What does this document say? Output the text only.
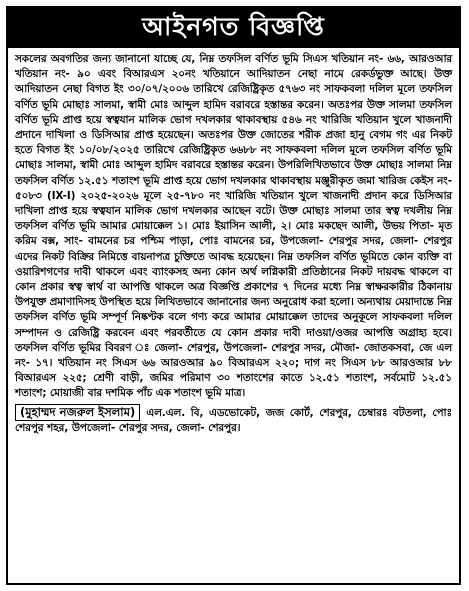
আইনগত বিজ্ঞপ্তি
সকলের অবগতির জন্য জানানো যাচ্ছে যে, নিম্ন তফসিল বর্ণিত ভূমি সিএস খতিয়ান নং- ৬৬, আরওআর খতিয়ান নং- ৯০ এবং বিআরএস ২০নং খতিয়ানে আদিয়াতন নেছা নামে রেকর্ডভুক্ত আছে। উক্ত আদিয়াতন নেছা বিগত ইং ৩০/০৭/২০০৬ তারিখে রেজিষ্ট্রিকৃত ৫৭৬৩ নং সাফকবলা দলিল মূলে তফসিল বর্ণিত ভূমি মোছাঃ সালমা, স্বামী মোঃ আব্দুল হামিদ বরাবরে হস্তান্তর করেন। অতঃপর উক্ত সালমা তফসিল বর্ণিত ভূমি প্রাপ্ত হয়ে স্বত্বযান মালিক ভোগ দখলকার থাকাবস্থায় ৫৪৬ নং খারিজি খতিয়ান খুলে খাজনাদী প্রদানে দাখিলা ও ডিসিআর প্রাপ্ত হয়েছেন। অতঃপর উক্ত জোতের শরীক প্রজা হানু বেগম গং এর নিকট হতে বিগত ইং ১০/০৮/২০২৫ তারিখে রেজিষ্ট্রিকৃত ৬৬৮৮ নং সাফকবলা দলিল মূলে তফসিল বর্ণিত ভূমি মোছাঃ সালমা, স্বামী মোঃ আব্দুল হামিদ বরাবরে হস্তান্তর করেন। উপরিলিখিতভাবে উক্ত মোছাঃ সালমা নিম্ন তফসিল বর্ণিত ১২.৫১ শতাংশ ভূমি প্রাপ্ত হয়ে ভোগ দখলকার থাকাবস্থায় মঞ্জুরীকৃত জমা খারিজ কেইস নং- ৫০৮৩ (IX-I) ২০২৫-২০২৬ মূলে ২৫-৭৮০ নং খারিজি খতিয়ান খুলে খাজনাদী প্রদান করে ডিসিআর দাখিলা প্রাপ্ত হয়ে স্বত্বযান মালিক ভোগ দখলকার আছেন বটে। উক্ত মোছাঃ সালমা তার স্বত্ব দখলীয় নিম্ন তফসিল বর্ণিত ভূমি আমার মোয়াক্কেল ১। মোঃ ইয়াসিন আলী, ২। মোঃ মকছেদ আলী, উভয় পিতা- মৃত করিম বক্স, সাং- বামনের চর পশ্চিম পাড়া, পোঃ বামনের চর, উপজেলা- শেরপুর সদর, জেলা- শেরপুর এদের নিকট বিক্রির নিমিত্তে বায়নাপত্র চুক্তিতে আবদ্ধ হয়েছেন। নিম্ন তফসিল বর্ণিত ভূমিতে কোন ব্যক্তি বা ওয়ারিশগণের দাবী থাকলে এবং ব্যাংকসহ অন্য কোন অর্থ লগ্নিকারী প্রতিষ্ঠানের নিকট দায়বদ্ধ থাকলে বা কোন প্রকার স্বত্ব স্বার্থ বা আপত্তি থাকলে অত্র বিজ্ঞপ্তি প্রকাশের ৭ দিনের মধ্যে নিম্ন স্বাক্ষরকারীর ঠিকানায় উপযুক্ত প্রমাণাদিসহ উপস্থিত হয়ে লিখিতভাবে জানানোর জন্য অনুরোধ করা হলো। অন্যথায় মেয়াদান্তে নিম্ন তফসিল বর্ণিত ভূমি সম্পূর্ণ নিষ্কণ্টক বলে গণ্য করে আমার মোয়াক্কেল তাদের অনুকূলে সাফকবলা দলিল সম্পাদন ও রেজিষ্ট্রি করবেন এবং পরবর্তীতে যে কোন প্রকার দাবী দাওয়া/ওজর আপত্তি অগ্রাহ্য হবে। তফসিল বর্ণিত ভূমির বিবরণ ঃ জেলা- শেরপুর, উপজেলা- শেরপুর সদর, মৌজা- জোতকসবা, জে এল নং- ১৭। খতিয়ান নং সিএস ৬৬ আরওআর ৯০ বিআরএস ২২০; দাগ নং সিএস ৮৮ আরওআর ৮৮ বিআরএস ২২৫; শ্রেণী বাড়ী, জমির পরিমাণ ৩০ শতাংশের কাতে ১২.৫১ শতাংশ, সর্বমোট ১২.৫১ শতাংশ; মোয়াজী বার দশমিক পাঁচ এক শতাংশ ভূমি মাত্র।
(মুহাম্মদ নজরুল ইসলাম) এল.এল. বি, এডভোকেট, জজ কোর্ট, শেরপুর, চেম্বারঃ বটতলা, পোঃ শেরপুর শহর, উপজেলা- শেরপুর সদর, জেলা- শেরপুর।
